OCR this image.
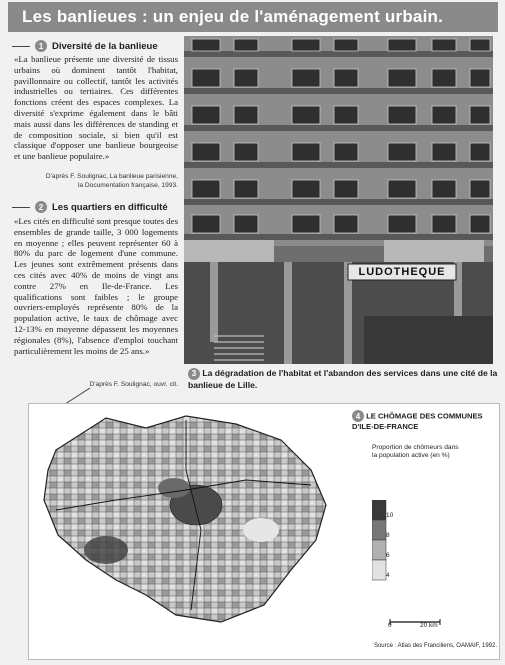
Les banlieues : un enjeu de l'aménagement urbain.
1 Diversité de la banlieue
«La banlieue présente une diversité de tissus urbains où dominent tantôt l'habitat, pavillonnaire ou collectif, tantôt les activités industrielles ou tertiaires. Ces différentes fonctions créent des espaces complexes. La diversité s'exprime également dans le bâti mais aussi dans les différences de standing et de composition sociale, si bien qu'il est classique d'opposer une banlieue bourgeoise et une banlieue populaire.»
D'après F. Soulignac, La banlieue parisienne,
la Documentation française, 1993.
2 Les quartiers en difficulté
«Les cités en difficulté sont presque toutes des ensembles de grande taille, 3 000 logements en moyenne ; elles peuvent représenter 60 à 80% du parc de logement d'une commune. Les jeunes sont extrêmement présents dans ces cités avec 40% de moins de vingt ans contre 27% en Ile-de-France. Les qualifications sont faibles ; le groupe ouvriers-employés représente 80% de la population active, le taux de chômage avec 12-13% en moyenne dépassent les moyennes régionales (8%), l'absence d'emploi touchant particulièrement les moins de 25 ans.»
D'après F. Soulignac, ouvr. cit.
LUDOTHEQUE
3 La dégradation de l'habitat et l'abandon des services dans une cité de la banlieue de Lille.
4 LE CHÔMAGE DES COMMUNES
D'ILE-DE-FRANCE
Proportion de chômeurs dans la population active (en %)
10
8
6
4
0	20 km
Source : Atlas des Franciliens, OAMAIF, 1992.
